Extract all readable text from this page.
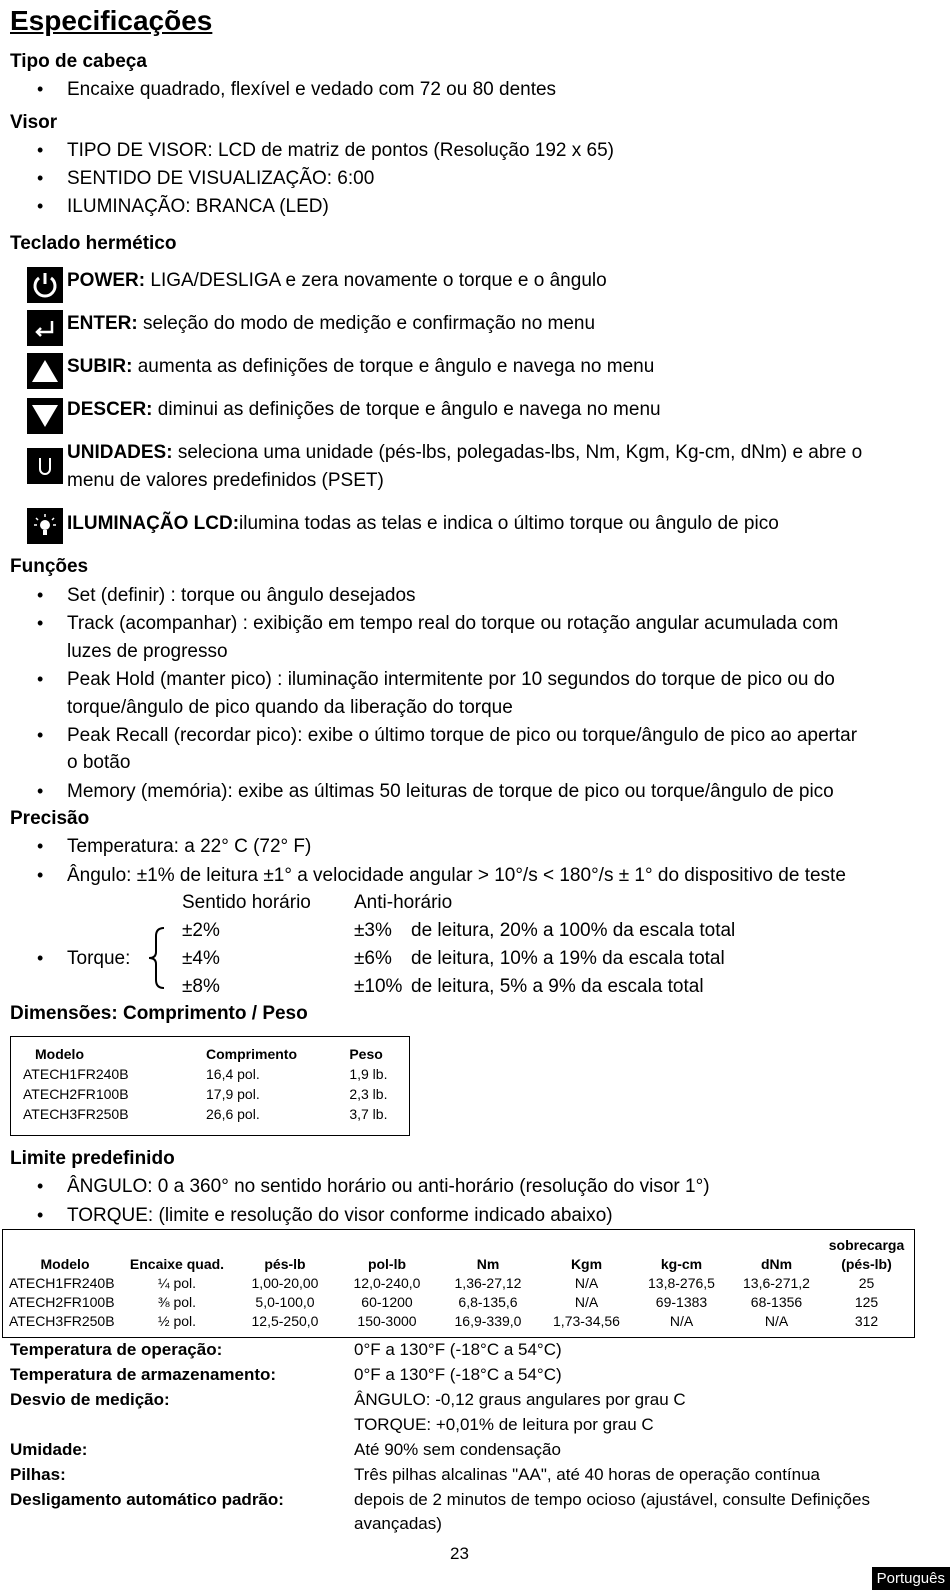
Especificações
Tipo de cabeça
• Encaixe quadrado, flexível e vedado com 72 ou 80 dentes
Visor
• TIPO DE VISOR: LCD de matriz de pontos (Resolução 192 x 65)
• SENTIDO DE VISUALIZAÇÃO: 6:00
• ILUMINAÇÃO: BRANCA (LED)
Teclado hermético
POWER: LIGA/DESLIGA e zera novamente o torque e o ângulo
ENTER: seleção do modo de medição e confirmação no menu
SUBIR: aumenta as definições de torque e ângulo e navega no menu
DESCER: diminui as definições de torque e ângulo e navega no menu
UNIDADES: seleciona uma unidade (pés-lbs, polegadas-lbs, Nm, Kgm, Kg-cm, dNm) e abre o
menu de valores predefinidos (PSET)
ILUMINAÇÃO LCD:ilumina todas as telas e indica o último torque ou ângulo de pico
Funções
• Set (definir) : torque ou ângulo desejados
• Track (acompanhar) : exibição em tempo real do torque ou rotação angular acumulada com
luzes de progresso
• Peak Hold (manter pico) : iluminação intermitente por 10 segundos do torque de pico ou do
torque/ângulo de pico quando da liberação do torque
• Peak Recall (recordar pico): exibe o último torque de pico ou torque/ângulo de pico ao apertar
o botão
• Memory (memória): exibe as últimas 50 leituras de torque de pico ou torque/ângulo de pico
Precisão
• Temperatura: a 22° C (72° F)
• Ângulo: ±1% de leitura ±1° a velocidade angular > 10°/s < 180°/s ± 1° do dispositivo de teste
Sentido horário Anti-horário
• Torque:
±2%	±3% de leitura, 20% a 100% da escala total
±4%	±6% de leitura, 10% a 19% da escala total
±8%	±10% de leitura, 5% a 9% da escala total
Dimensões: Comprimento / Peso
Modelo	Comprimento	Peso
ATECH1FR240B	16,4 pol.	1,9 lb.
ATECH2FR100B	17,9 pol.	2,3 lb.
ATECH3FR250B	26,6 pol.	3,7 lb.
Limite predefinido
• ÂNGULO: 0 a 360° no sentido horário ou anti-horário (resolução do visor 1°)
• TORQUE: (limite e resolução do visor conforme indicado abaixo)
								sobrecarga
Modelo	Encaixe quad.	pés-lb	pol-lb	Nm	Kgm	kg-cm	dNm	(pés-lb)
ATECH1FR240B	¼ pol.	1,00-20,00	12,0-240,0	1,36-27,12	N/A	13,8-276,5	13,6-271,2	25
ATECH2FR100B	⅜ pol.	5,0-100,0	60-1200	6,8-135,6	N/A	69-1383	68-1356	125
ATECH3FR250B	½ pol.	12,5-250,0	150-3000	16,9-339,0	1,73-34,56	N/A	N/A	312
Temperatura de operação:	0°F a 130°F (-18°C a 54°C)
Temperatura de armazenamento:	0°F a 130°F (-18°C a 54°C)
Desvio de medição:	ÂNGULO: -0,12 graus angulares por grau C
TORQUE: +0,01% de leitura por grau C
Umidade:	Até 90% sem condensação
Pilhas:	Três pilhas alcalinas "AA", até 40 horas de operação contínua
Desligamento automático padrão:	depois de 2 minutos de tempo ocioso (ajustável, consulte Definições
avançadas)
23
Português
